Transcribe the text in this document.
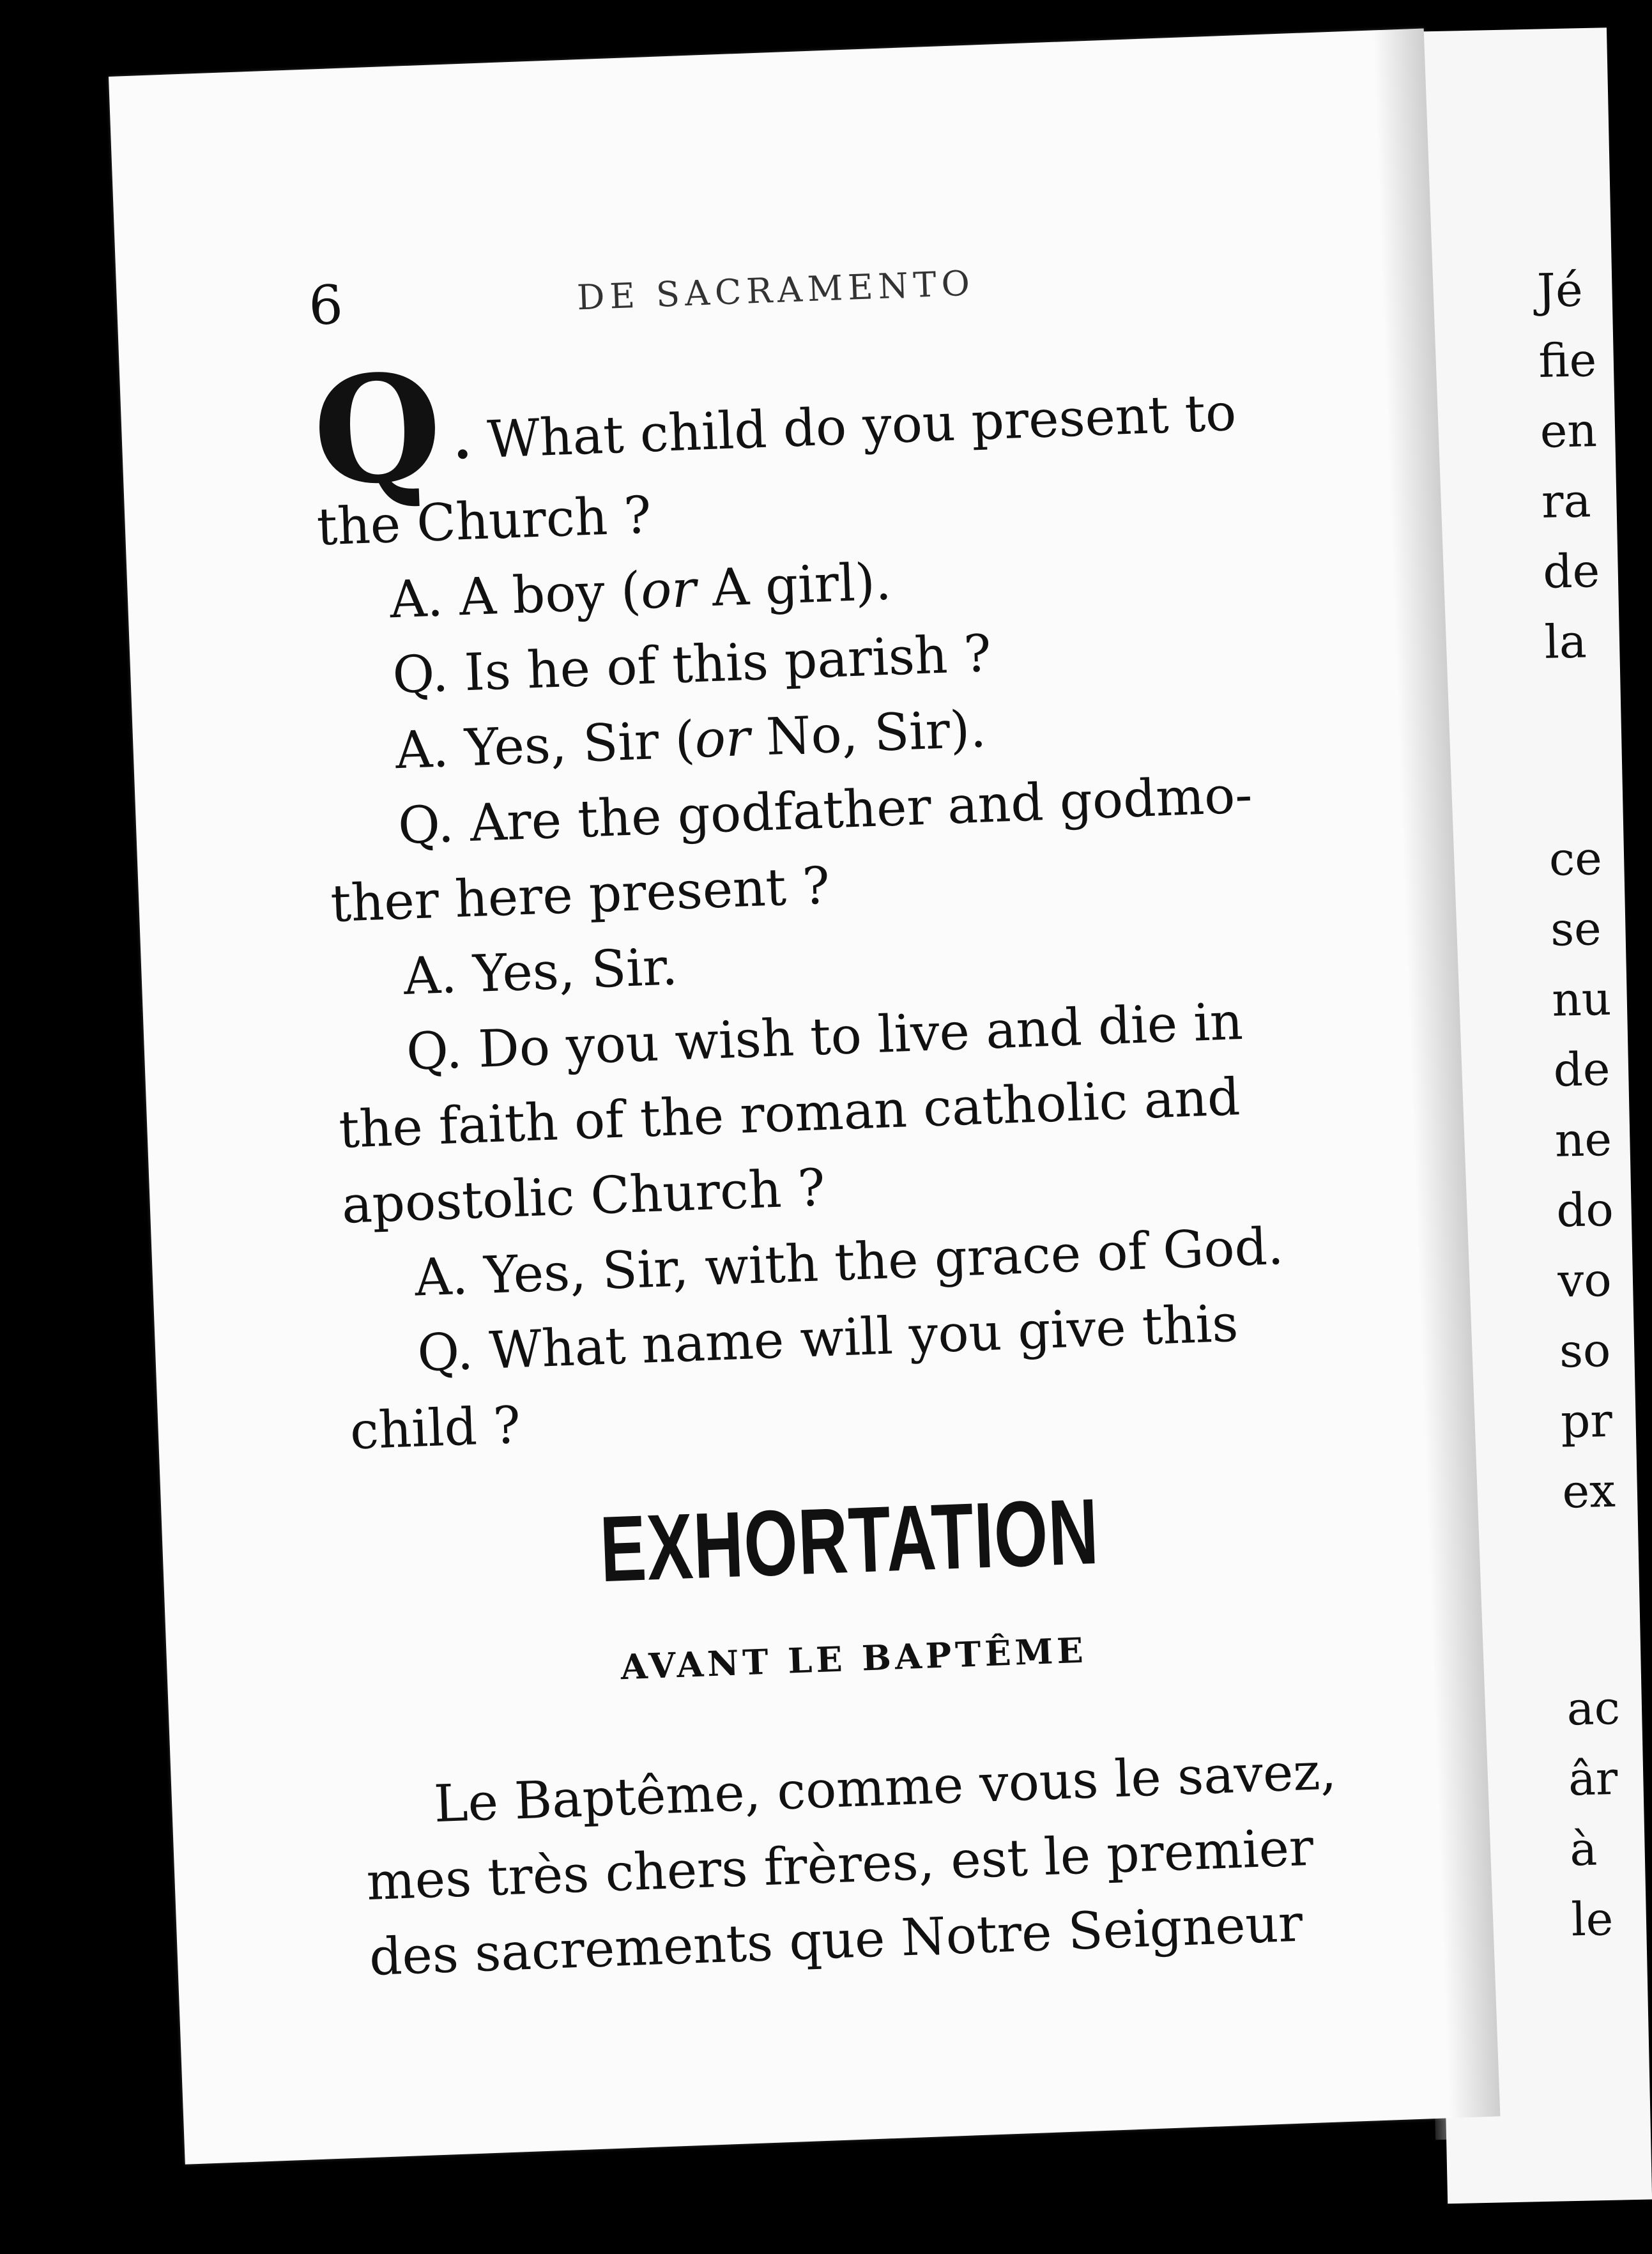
Jé
fie
en
ra
de
la
ce
se
nu
de
ne
do
vo
so
pr
ex
ac
âr
à
le
6	DE SACRAMENTO
Q . What child do you present to
the Church ?
A. A boy (or A girl).
Q. Is he of this parish ?
A. Yes, Sir (or No, Sir).
Q. Are the godfather and godmo-
ther here present ?
A. Yes, Sir.
Q. Do you wish to live and die in
the faith of the roman catholic and
apostolic Church ?
A. Yes, Sir, with the grace of God.
Q. What name will you give this
child ?
EXHORTATION
AVANT LE BAPTÊME
Le Baptême, comme vous le savez,
mes très chers frères, est le premier
des sacrements que Notre Seigneur
